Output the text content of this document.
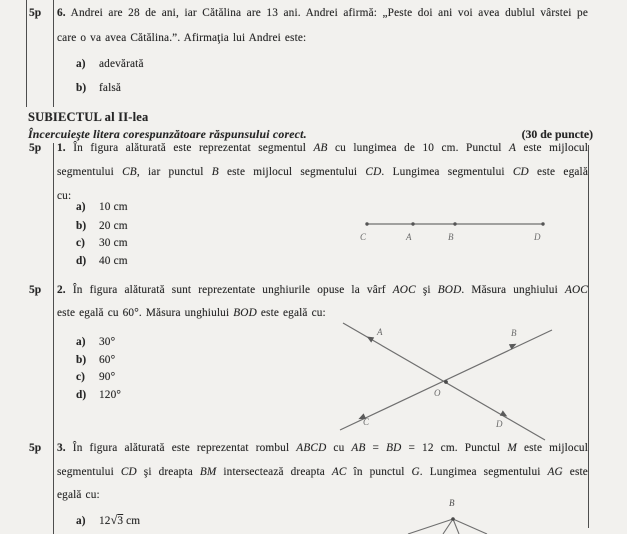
5p	6. Andrei are 28 de ani, iar Cătălina are 13 ani. Andrei afirmă: „Peste doi ani voi avea dublul vârstei pe
care o va avea Cătălina.”. Afirmaţia lui Andrei este:
a) adevărată
b) falsă
SUBIECTUL al II-lea
Încercuieşte litera corespunzătoare răspunsului corect.	(30 de puncte)
5p	1. În figura alăturată este reprezentat segmentul AB cu lungimea de 10 cm. Punctul A este mijlocul
segmentului CB, iar punctul B este mijlocul segmentului CD. Lungimea segmentului CD este egală
cu:
a) 10 cm
b) 20 cm
c) 30 cm
d) 40 cm
C	A	B	D
5p	2. În figura alăturată sunt reprezentate unghiurile opuse la vârf AOC şi BOD. Măsura unghiului AOC
este egală cu 60°. Măsura unghiului BOD este egală cu:
a) 30°
b) 60°
c) 90°
d) 120°
A	B
C	D
O
5p	3. În figura alăturată este reprezentat rombul ABCD cu AB = BD = 12 cm. Punctul M este mijlocul
segmentului CD şi dreapta BM intersectează dreapta AC în punctul G. Lungimea segmentului AG este
egală cu:
a) 12√3 cm
B
